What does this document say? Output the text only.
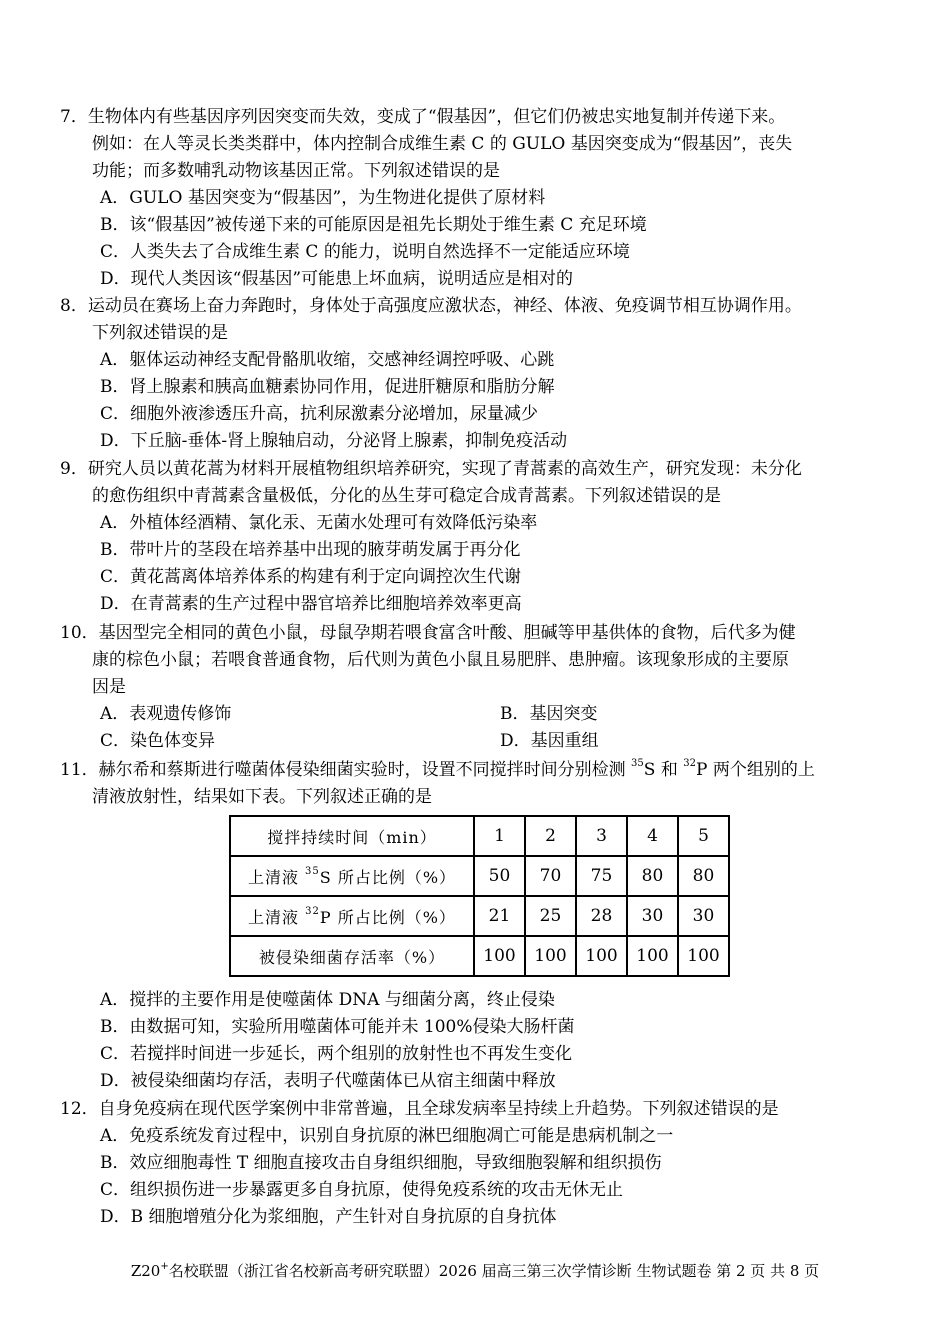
7．生物体内有些基因序列因突变而失效，变成了“假基因”，但它们仍被忠实地复制并传递下来。
例如：在人等灵长类类群中，体内控制合成维生素 C 的 GULO 基因突变成为“假基因”，丧失
功能；而多数哺乳动物该基因正常。下列叙述错误的是
A．GULO 基因突变为“假基因”，为生物进化提供了原材料
B．该“假基因”被传递下来的可能原因是祖先长期处于维生素 C 充足环境
C．人类失去了合成维生素 C 的能力，说明自然选择不一定能适应环境
D．现代人类因该“假基因”可能患上坏血病，说明适应是相对的
8．运动员在赛场上奋力奔跑时，身体处于高强度应激状态，神经、体液、免疫调节相互协调作用。
下列叙述错误的是
A．躯体运动神经支配骨骼肌收缩，交感神经调控呼吸、心跳
B．肾上腺素和胰高血糖素协同作用，促进肝糖原和脂肪分解
C．细胞外液渗透压升高，抗利尿激素分泌增加，尿量减少
D．下丘脑-垂体-肾上腺轴启动，分泌肾上腺素，抑制免疫活动
9．研究人员以黄花蒿为材料开展植物组织培养研究，实现了青蒿素的高效生产，研究发现：未分化
的愈伤组织中青蒿素含量极低，分化的丛生芽可稳定合成青蒿素。下列叙述错误的是
A．外植体经酒精、氯化汞、无菌水处理可有效降低污染率
B．带叶片的茎段在培养基中出现的腋芽萌发属于再分化
C．黄花蒿离体培养体系的构建有利于定向调控次生代谢
D．在青蒿素的生产过程中器官培养比细胞培养效率更高
10．基因型完全相同的黄色小鼠，母鼠孕期若喂食富含叶酸、胆碱等甲基供体的食物，后代多为健
康的棕色小鼠；若喂食普通食物，后代则为黄色小鼠且易肥胖、患肿瘤。该现象形成的主要原
因是
A．表观遗传修饰	B．基因突变
C．染色体变异	D．基因重组
11．赫尔希和蔡斯进行噬菌体侵染细菌实验时，设置不同搅拌时间分别检测 $^{35}$S 和 $^{32}$P 两个组别的上
清液放射性，结果如下表。下列叙述正确的是
搅拌持续时间（min）	1	2	3	4	5
上清液 $^{35}$S 所占比例（%）	50	70	75	80	80
上清液 $^{32}$P 所占比例（%）	21	25	28	30	30
被侵染细菌存活率（%）	100	100	100	100	100
A．搅拌的主要作用是使噬菌体 DNA 与细菌分离，终止侵染
B．由数据可知，实验所用噬菌体可能并未 100%侵染大肠杆菌
C．若搅拌时间进一步延长，两个组别的放射性也不再发生变化
D．被侵染细菌均存活，表明子代噬菌体已从宿主细菌中释放
12．自身免疫病在现代医学案例中非常普遍，且全球发病率呈持续上升趋势。下列叙述错误的是
A．免疫系统发育过程中，识别自身抗原的淋巴细胞凋亡可能是患病机制之一
B．效应细胞毒性 T 细胞直接攻击自身组织细胞，导致细胞裂解和组织损伤
C．组织损伤进一步暴露更多自身抗原，使得免疫系统的攻击无休无止
D．B 细胞增殖分化为浆细胞，产生针对自身抗原的自身抗体
Z20+名校联盟（浙江省名校新高考研究联盟）2026 届高三第三次学情诊断 生物试题卷 第 2 页 共 8 页
